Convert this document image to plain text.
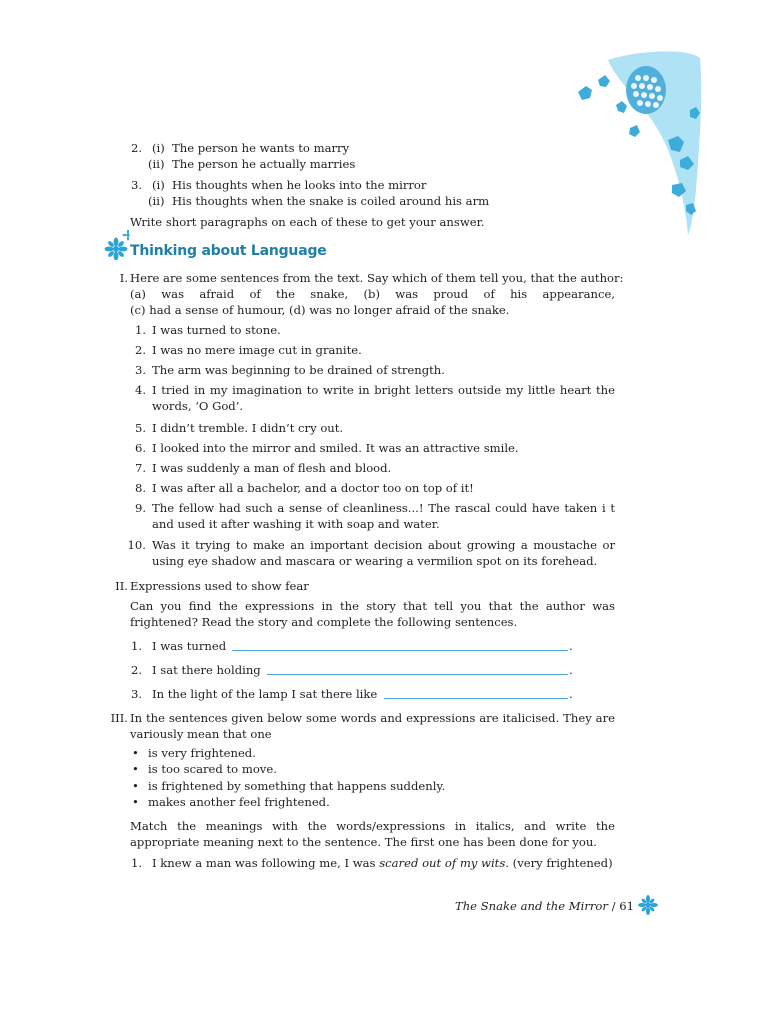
2. (i) The person he wants to marry
(ii) The person he actually marries
3. (i) His thoughts when he looks into the mirror
(ii) His thoughts when the snake is coiled around his arm
Write short paragraphs on each of these to get your answer.
Thinking about Language
I. Here are some sentences from the text. Say which of them tell you, that the author:
(a) was afraid of the snake, (b) was proud of his appearance,
(c) had a sense of humour, (d) was no longer afraid of the snake.
1. I was turned to stone.
2. I was no mere image cut in granite.
3. The arm was beginning to be drained of strength.
4. I tried in my imagination to write in bright letters outside my little heart the
words, ‘O God’.
5. I didn’t tremble. I didn’t cry out.
6. I looked into the mirror and smiled. It was an attractive smile.
7. I was suddenly a man of flesh and blood.
8. I was after all a bachelor, and a doctor too on top of it!
9. The fellow had such a sense of cleanliness...! The rascal could have taken i t
and used it after washing it with soap and water.
10. Was it trying to make an important decision about growing a moustache or
using eye shadow and mascara or wearing a vermilion spot on its forehead.
II. Expressions used to show fear
Can you find the expressions in the story that tell you that the author was
frightened? Read the story and complete the following sentences.
1. I was turned	.
2. I sat there holding	.
3. In the light of the lamp I sat there like	.
III. In the sentences given below some words and expressions are italicised. They are
variously mean that one
• is very frightened.
• is too scared to move.
• is frightened by something that happens suddenly.
• makes another feel frightened.
Match the meanings with the words/expressions in italics, and write the
appropriate meaning next to the sentence. The first one has been done for you.
1. I knew a man was following me, I was scared out of my wits. (very frightened)
The Snake and the Mirror / 61
